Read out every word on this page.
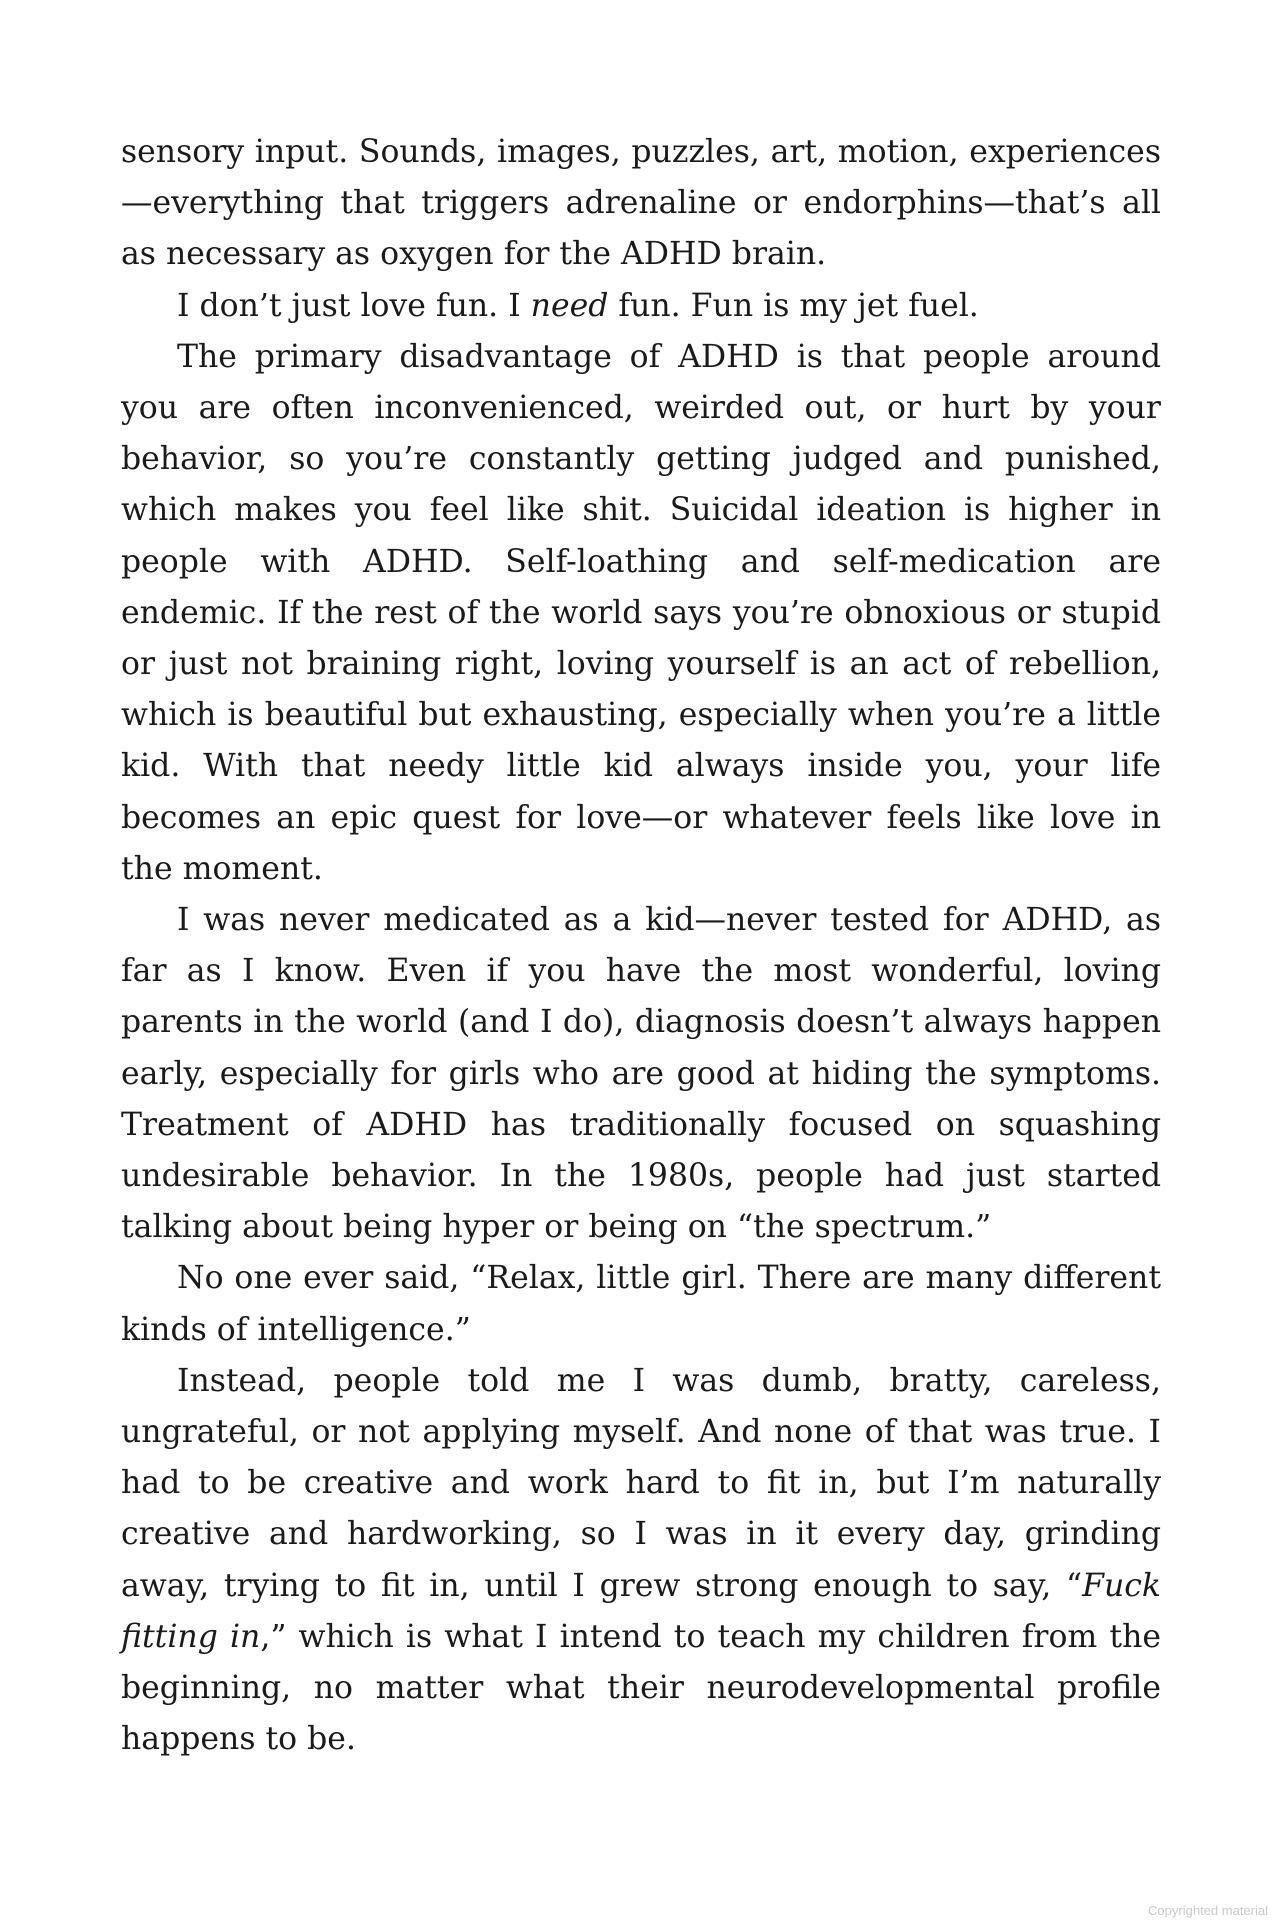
sensory input. Sounds, images, puzzles, art, motion, experiences —everything that triggers adrenaline or endorphins—that’s all as necessary as oxygen for the ADHD brain.

I don’t just love fun. I need fun. Fun is my jet fuel.

The primary disadvantage of ADHD is that people around you are often inconvenienced, weirded out, or hurt by your behavior, so you’re constantly getting judged and punished, which makes you feel like shit. Suicidal ideation is higher in people with ADHD. Self-loathing and self-medication are endemic. If the rest of the world says you’re obnoxious or stupid or just not braining right, loving yourself is an act of rebellion, which is beautiful but exhausting, especially when you’re a little kid. With that needy little kid always inside you, your life becomes an epic quest for love—or whatever feels like love in the moment.

I was never medicated as a kid—never tested for ADHD, as far as I know. Even if you have the most wonderful, loving parents in the world (and I do), diagnosis doesn’t always happen early, especially for girls who are good at hiding the symptoms. Treatment of ADHD has traditionally focused on squashing undesirable behavior. In the 1980s, people had just started talking about being hyper or being on “the spectrum.”

No one ever said, “Relax, little girl. There are many different kinds of intelligence.”

Instead, people told me I was dumb, bratty, careless, ungrateful, or not applying myself. And none of that was true. I had to be creative and work hard to fit in, but I’m naturally creative and hardworking, so I was in it every day, grinding away, trying to fit in, until I grew strong enough to say, “Fuck fitting in,” which is what I intend to teach my children from the beginning, no matter what their neurodevelopmental profile happens to be.

Copyrighted material
